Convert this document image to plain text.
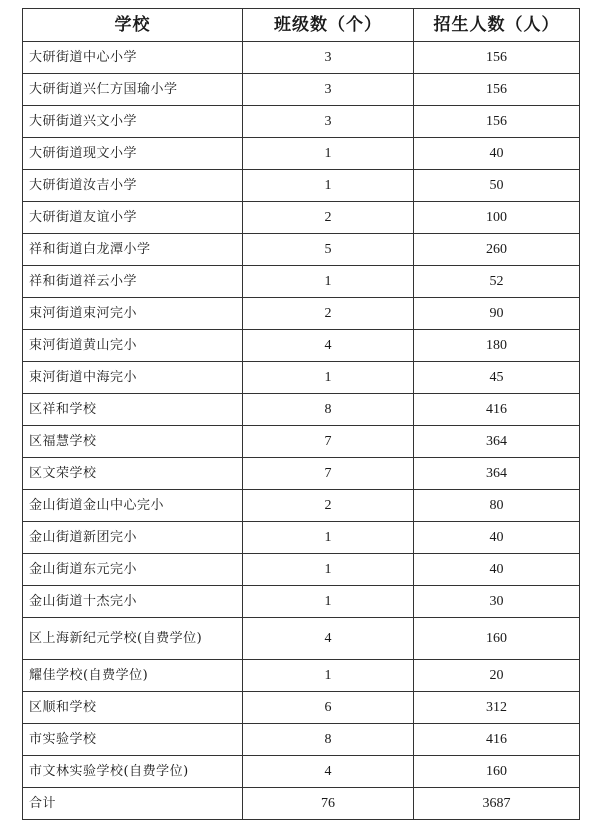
学校	班级数（个）	招生人数（人）
大研街道中心小学	3	156
大研街道兴仁方国瑜小学	3	156
大研街道兴文小学	3	156
大研街道现文小学	1	40
大研街道汝吉小学	1	50
大研街道友谊小学	2	100
祥和街道白龙潭小学	5	260
祥和街道祥云小学	1	52
束河街道束河完小	2	90
束河街道黄山完小	4	180
束河街道中海完小	1	45
区祥和学校	8	416
区福慧学校	7	364
区文荣学校	7	364
金山街道金山中心完小	2	80
金山街道新团完小	1	40
金山街道东元完小	1	40
金山街道十杰完小	1	30
区上海新纪元学校(自费学位)	4	160
耀佳学校(自费学位)	1	20
区顺和学校	6	312
市实验学校	8	416
市文林实验学校(自费学位)	4	160
合计	76	3687
